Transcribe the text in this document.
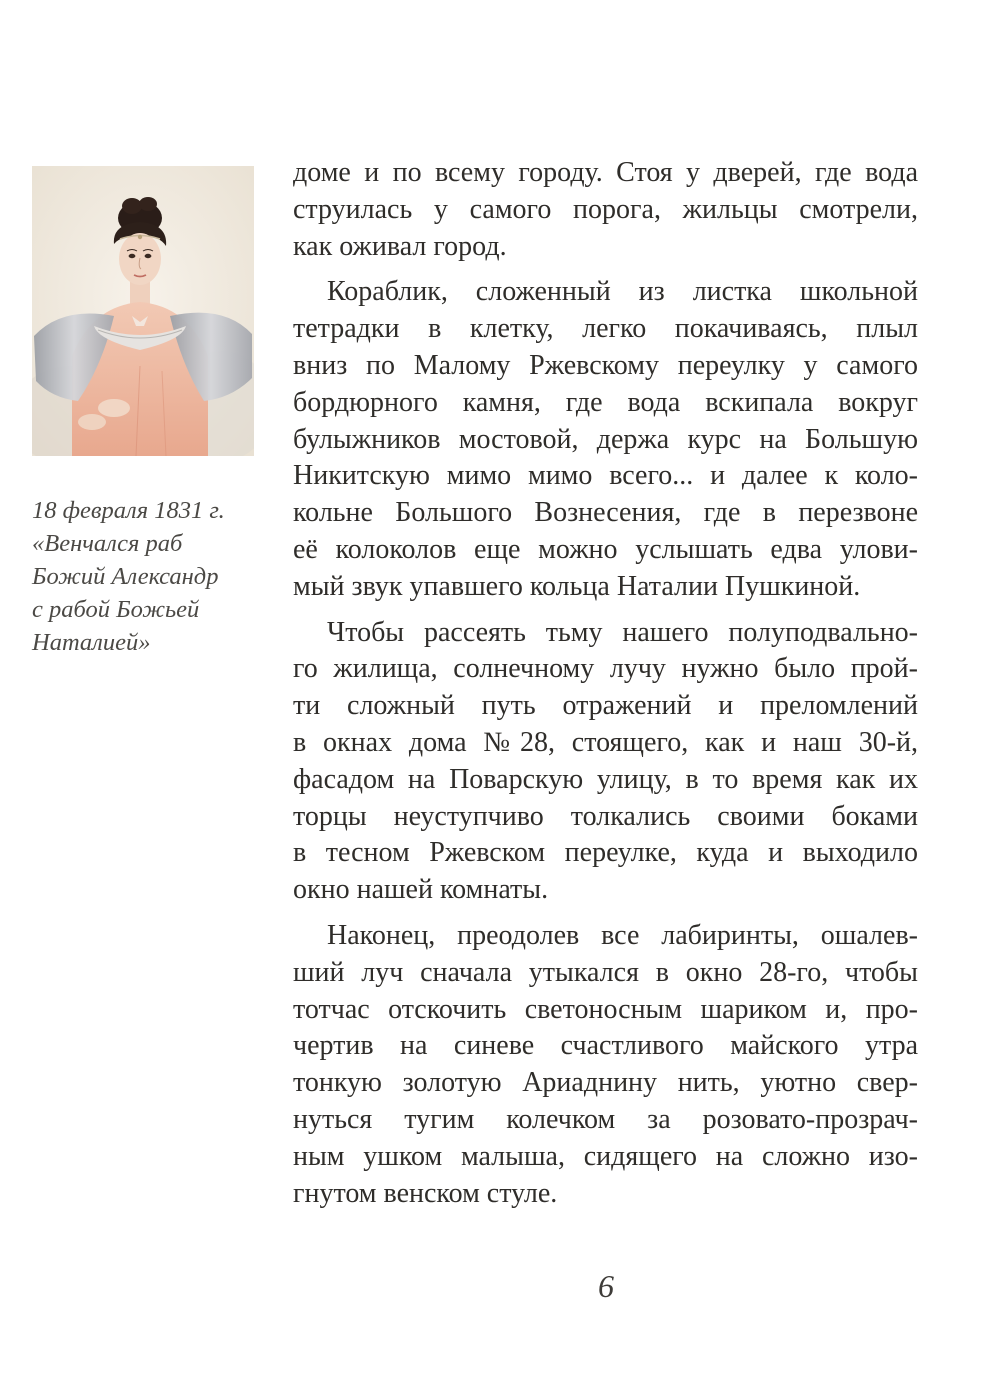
18 февраля 1831 г.
«Венчался раб
Божий Александр
с рабой Божьей
Наталией»
доме и по всему городу. Стоя у дверей, где вода
струилась у самого порога, жильцы смотрели,
как оживал город.
Кораблик, сложенный из листка школьной
тетрадки в клетку, легко покачиваясь, плыл
вниз по Малому Ржевскому переулку у самого
бордюрного камня, где вода вскипала вокруг
булыжников мостовой, держа курс на Большую
Никитскую мимо мимо всего... и далее к коло-
кольне Большого Вознесения, где в перезвоне
её колоколов еще можно услышать едва улови-
мый звук упавшего кольца Наталии Пушкиной.
Чтобы рассеять тьму нашего полуподвально-
го жилища, солнечному лучу нужно было прой-
ти сложный путь отражений и преломлений
в окнах дома №28, стоящего, как и наш 30-й,
фасадом на Поварскую улицу, в то время как их
торцы неуступчиво толкались своими боками
в тесном Ржевском переулке, куда и выходило
окно нашей комнаты.
Наконец, преодолев все лабиринты, ошалев-
ший луч сначала утыкался в окно 28-го, чтобы
тотчас отскочить светоносным шариком и, про-
чертив на синеве счастливого майского утра
тонкую золотую Ариаднину нить, уютно свер-
нуться тугим колечком за розовато-прозрач-
ным ушком малыша, сидящего на сложно изо-
гнутом венском стуле.
6
